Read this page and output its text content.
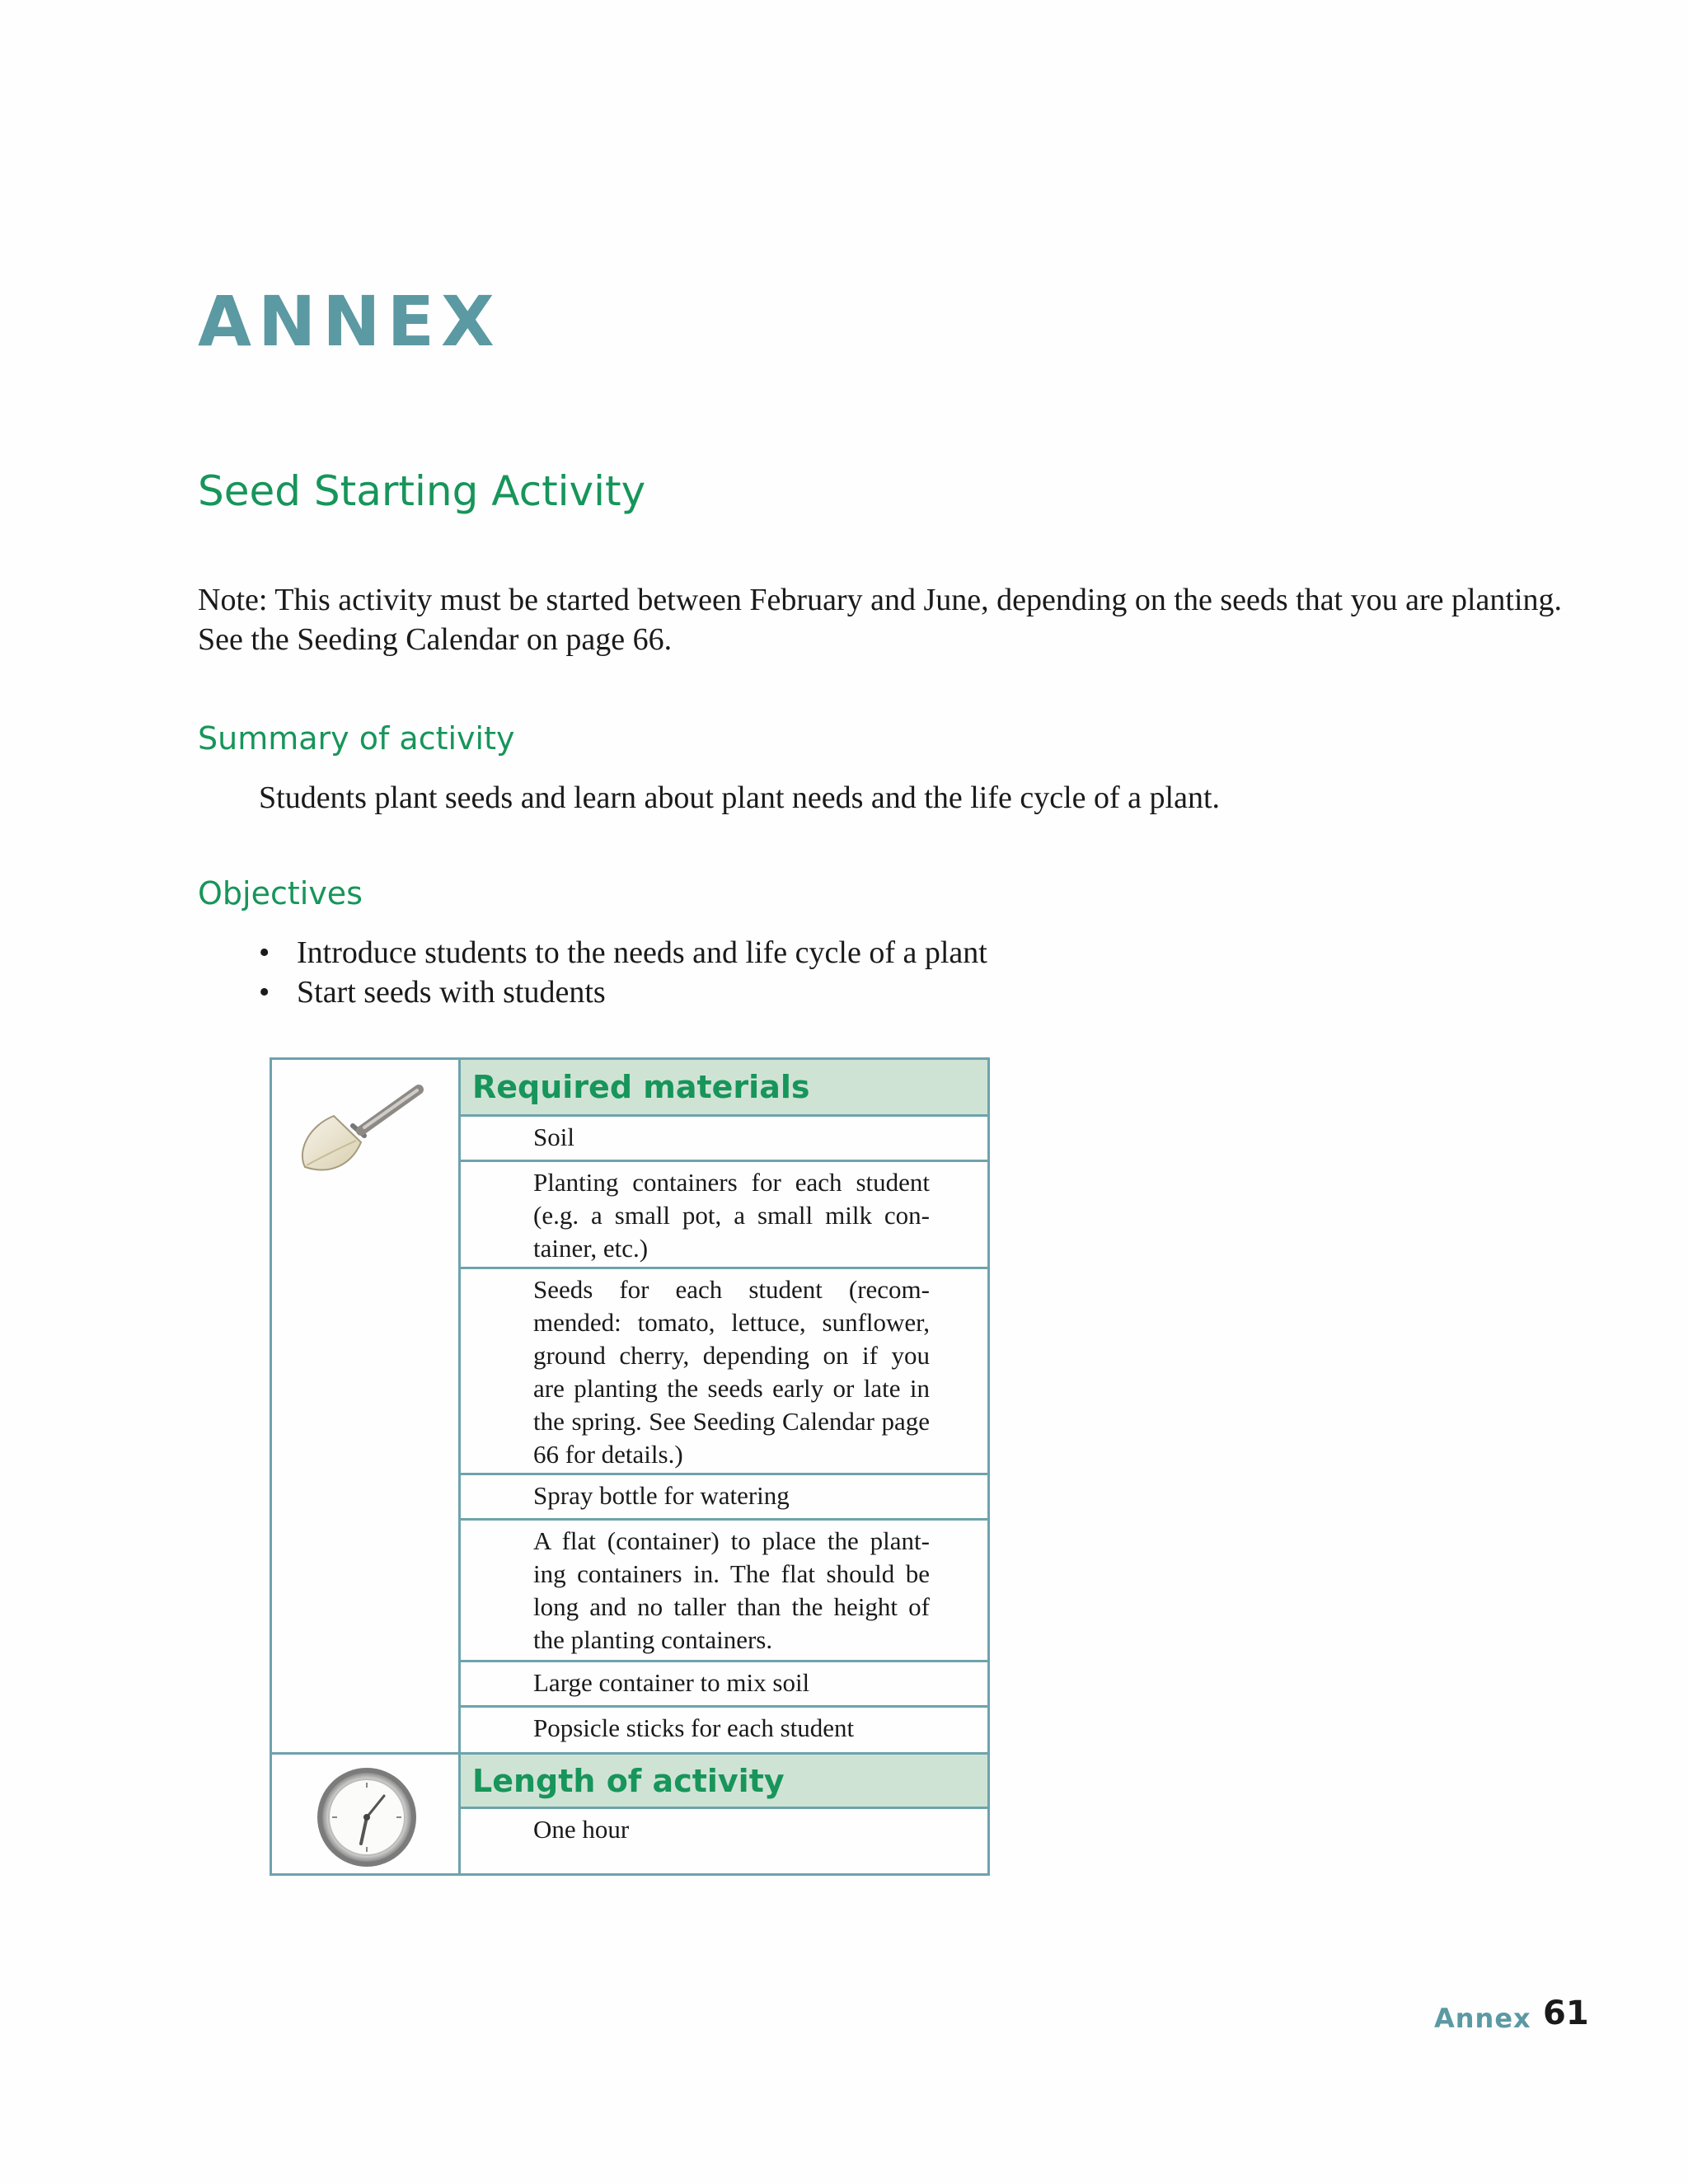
ANNEX
Seed Starting Activity

Note: This activity must be started between February and June, depending on the seeds that you are planting. See the Seeding Calendar on page 66.

Summary of activity

Students plant seeds and learn about plant needs and the life cycle of a plant.

Objectives
• Introduce students to the needs and life cycle of a plant
• Start seeds with students
Required materials
Soil
Planting containers for each student (e.g. a small pot, a small milk con-tainer, etc.)
Seeds for each student (recom-mended: tomato, lettuce, sunflower, ground cherry, depending on if you are planting the seeds early or late in the spring. See Seeding Calendar page 66 for details.)
Spray bottle for watering
A flat (container) to place the plant-ing containers in. The flat should be long and no taller than the height of the planting containers.
Large container to mix soil
Popsicle sticks for each student
Length of activity
One hour
Annex 61
